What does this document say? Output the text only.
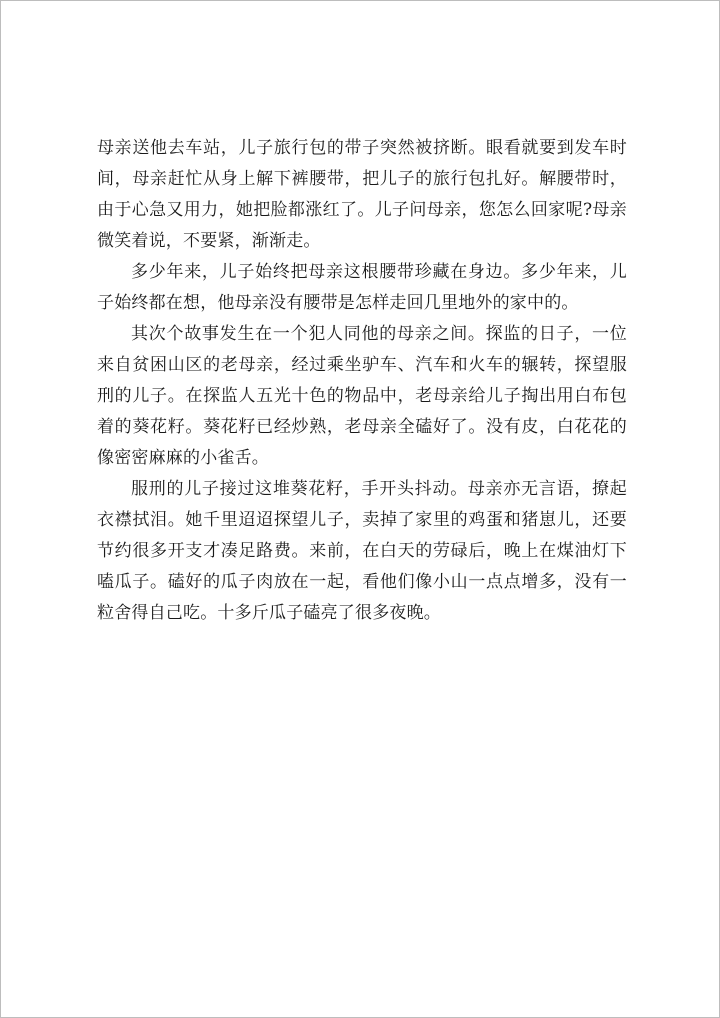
母亲送他去车站，儿子旅行包的带子突然被挤断。眼看就要到发车时间，母亲赶忙从身上解下裤腰带，把儿子的旅行包扎好。解腰带时，由于心急又用力，她把脸都涨红了。儿子问母亲，您怎么回家呢?母亲微笑着说，不要紧，渐渐走。

多少年来，儿子始终把母亲这根腰带珍藏在身边。多少年来，儿子始终都在想，他母亲没有腰带是怎样走回几里地外的家中的。

其次个故事发生在一个犯人同他的母亲之间。探监的日子，一位来自贫困山区的老母亲，经过乘坐驴车、汽车和火车的辗转，探望服刑的儿子。在探监人五光十色的物品中，老母亲给儿子掏出用白布包着的葵花籽。葵花籽已经炒熟，老母亲全磕好了。没有皮，白花花的像密密麻麻的小雀舌。

服刑的儿子接过这堆葵花籽，手开头抖动。母亲亦无言语，撩起衣襟拭泪。她千里迢迢探望儿子，卖掉了家里的鸡蛋和猪崽儿，还要节约很多开支才凑足路费。来前，在白天的劳碌后，晚上在煤油灯下嗑瓜子。磕好的瓜子肉放在一起，看他们像小山一点点增多，没有一粒舍得自己吃。十多斤瓜子磕亮了很多夜晚。
